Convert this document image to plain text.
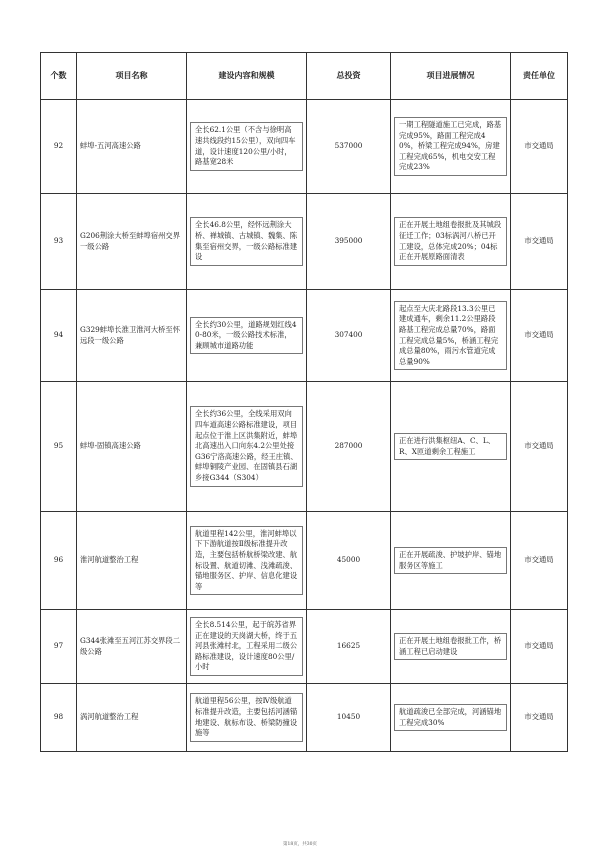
个数	项目名称	建设内容和规模	总投资	项目进展情况	责任单位
92	蚌埠-五河高速公路	全长62.1公里（不含与徐明高速共线段约15公里），双向四车道，设计速度120公里/小时，路基宽28米	537000	一期工程隧道施工已完成，路基完成95%，路面工程完成40%，桥梁工程完成94%，房建工程完成65%，机电交安工程完成23%	市交通局
93	G206荆涂大桥至蚌埠宿州交界一级公路	全长46.8公里，经怀远荆涂大桥、禅城镇、古城镇、魏集、陈集至宿州交界，一级公路标准建设	395000	正在开展土地组卷报批及其城段征迁工作；03标涡河八桥已开工建设，总体完成20%；04标正在开展原路面清表	市交通局
94	G329蚌埠长淮卫淮河大桥至怀远段一级公路	全长约30公里，道路规划红线40-80米，一级公路技术标准，兼顾城市道路功能	307400	起点至大庆北路段13.3公里已建成通车，剩余11.2公里路段路基工程完成总量70%，路面工程完成总量5%，桥涵工程完成总量80%，雨污水管道完成总量90%	市交通局
95	蚌埠-固镇高速公路	全长约36公里，全线采用双向四车道高速公路标准建设，项目起点位于淮上区洪集附近，蚌埠北高速出入口向东4.2公里处接G36宁洛高速公路，经王庄镇、蚌埠铜陵产业园、在固镇县石湖乡接G344（S304）	287000	正在进行洪集枢纽A、C、L、R、X匝道剩余工程施工	市交通局
96	淮河航道整治工程	航道里程142公里，淮河蚌埠以下下游航道按Ⅱ级标准提升改造，主要包括桥航桥梁改建、航标设置、航道切滩、浅滩疏浚、锚地服务区、护岸、信息化建设等	45000	正在开展疏浚、护坡护岸、锚地服务区等施工	市交通局
97	G344张滩至五河江苏交界段二级公路	全长8.514公里，起于皖苏省界正在建设的天岗湖大桥，终于五河县张滩村北，工程采用二级公路标准建设，设计速度80公里/小时	16625	正在开展土地组卷报批工作，桥涵工程已启动建设	市交通局
98	涡河航道整治工程	航道里程56公里，按Ⅳ级航道标准提升改造，主要包括河涵锚地建设、航标布设、桥梁防撞设施等	10450	航道疏浚已全部完成，河涵锚地工程完成30%	市交通局
第18页，共30页
